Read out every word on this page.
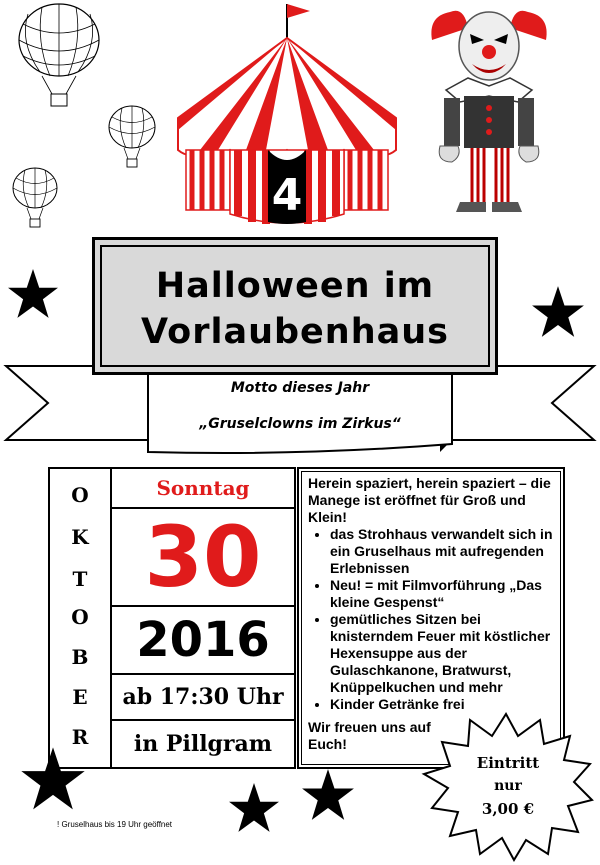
4
Halloween im
Vorlaubenhaus
Motto dieses Jahr
„Gruselclowns im Zirkus“
O
K
T
O
B
E
R
Sonntag
30
2016
ab 17:30 Uhr
in Pillgram

Herein spaziert, herein spaziert – die Manege ist eröffnet für Groß und Klein!

• das Strohhaus verwandelt sich in ein Gruselhaus mit aufregenden Erlebnissen
• Neu! = mit Filmvorführung „Das kleine Gespenst“
• gemütliches Sitzen bei knisterndem Feuer mit köstlicher Hexensuppe aus der Gulaschkanone, Bratwurst, Knüppelkuchen und mehr
• Kinder Getränke frei

Wir freuen uns auf Euch!

Eintritt
nur
3,00 €
! Gruselhaus bis 19 Uhr geöffnet
